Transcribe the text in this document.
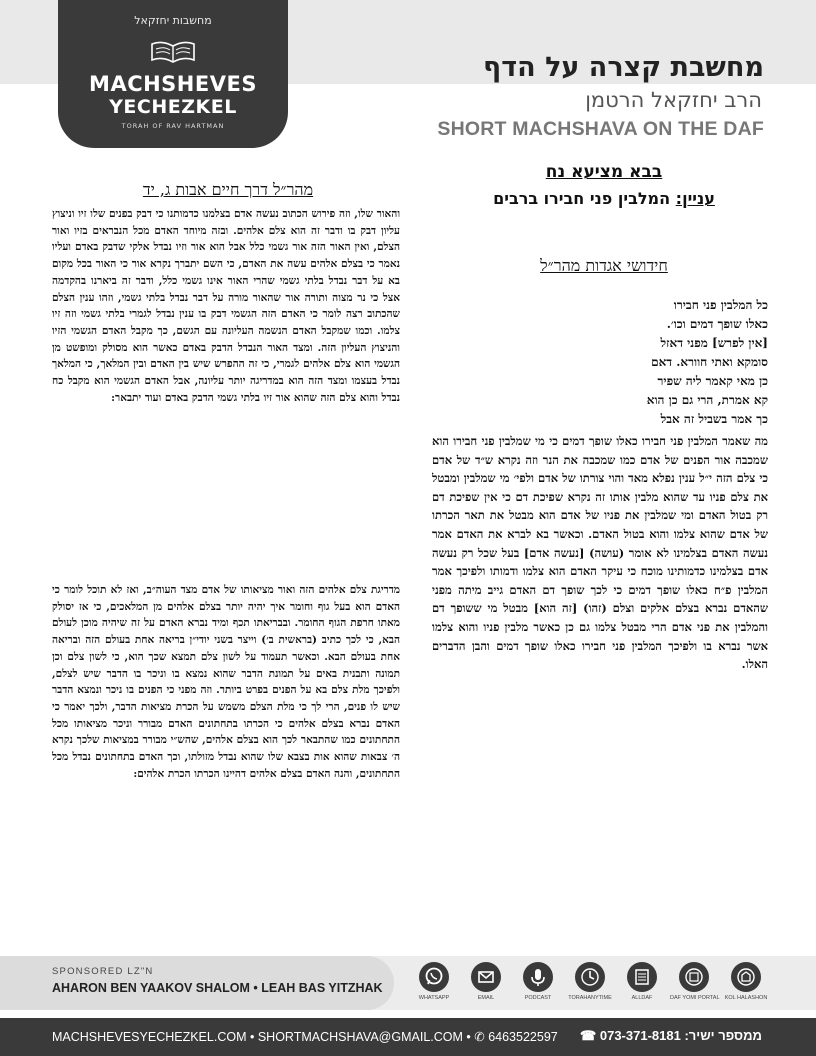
מחשבות יחזקאל
MACHSHEVES
YECHEZKEL
TORAH OF RAV HARTMAN
מחשבת קצרה על הדף
הרב יחזקאל הרטמן
SHORT MACHSHAVA ON THE DAF
בבא מציעא נח
עניין: המלבין פני חבירו ברבים
חידושי אגדות מהר״ל
מהר״ל דרך חיים אבות ג, יד
כל המלבין פני חבירו
כאלו שופך דמים וכו׳.
[אין לפרש] מפני דאזל
סומקא ואתי חוורא. דאם
כן מאי קאמר ליה שפיר
קא אמרת, הרי גם כן הוא
כך אמר בשביל זה אבל
מה שאמר המלבין פני חבירו כאלו שופך דמים כי מי שמלבין פני חבירו הוא שמכבה אור הפנים של אדם כמו שמכבה את הנר וזה נקרא ש״ד של אדם כי צלם הזה י״ל ענין נפלא מאד והוי צורתו של אדם ולפי׳ מי שמלבין ומבטל את צלם פניו עד שהוא מלבין אותו זה נקרא שפיכת דם כי אין שפיכת דם רק בטול האדם ומי שמלבין את פניו של אדם הוא מבטל את תאר הכרתו של אדם שהוא צלמו והוא בטול האדם. וכאשר בא לברא את האדם אמר נעשה האדם בצלמינו לא אומר (עושה) [נעשה אדם] בעל שכל רק נעשה אדם בצלמינו כדמותינו מוכח כי עיקר האדם הוא צלמו ודמותו ולפיכך אמר המלבין פ״ח כאלו שופך דמים כי לכך שופך דם האדם גייב מיתה מפני שהאדם נברא בצלם אלקים וצלם (זהו) [זה הוא] מבטל מי ששופך דם והמלבין את פני אדם הרי מבטל צלמו גם כן כאשר מלבין פניו והוא צלמו אשר נברא בו ולפיכך המלבין פני חבירו כאלו שופך דמים והבן הדברים האלו.
והאור שלו, וזה פירוש הכתוב נעשה אדם בצלמנו כדמותנו כי דבק בפנים שלו זיו וניצוץ עליון דבק בו ודבר זה הוא צלם אלהים. ובזה מיוחד האדם מכל הנבראים בזיו ואור הצלם, ואין האור הזה אור גשמי כלל אבל הוא אור וזיו נבדל אלקי שדבק באדם ועליו נאמר כי בצלם אלהים עשה את האדם, כי השם יתברך נקרא אור כי האור בכל מקום בא על דבר נבדל בלתי גשמי שהרי האור אינו גשמי כלל, ודבר זה ביארנו בהקדמה אצל כי נר מצוה ותורה אור שהאור מורה על דבר נבדל בלתי גשמי, וזהו ענין הצלם שהכתוב רצה לומר כי האדם הזה הגשמי דבק בו ענין נבדל לגמרי בלתי גשמי וזה זיו צלמו. וכמו שמקבל האדם הנשמה העליונה עם הגשם, כך מקבל האדם הגשמי הזיו והניצוץ העליון הזה. ומצד האור הנבדל הדבק באדם כאשר הוא מסולק ומופשט מן הגשמי הוא צלם אלהים לגמרי, כי זה ההפרש שיש בין האדם ובין המלאך, כי המלאך נבדל בעצמו ומצד הזה הוא במדריגה יותר עליונה, אבל האדם הגשמי הוא מקבל כח נבדל והוא צלם הזה שהוא אור זיו בלתי גשמי הדבק באדם ועוד יתבאר:
מדריגת צלם אלהים הזה ואור מציאותו של אדם מצד העוה״ב, ואז לא תוכל לומר כי האדם הוא בעל גוף וחומר איך יהיה יותר בצלם אלהים מן המלאכים, כי אז יסולק מאתו חרפת הגוף החומר. ובבריאתו תכף ומיד נברא האדם על זה שיהיה מוכן לעולם הבא, כי לכך כתיב (בראשית ב׳) וייצר בשני יודי״ן בריאה אחת בעולם הזה ובריאה אחת בעולם הבא. וכאשר תעמוד על לשון צלם תמצא שכך הוא, כי לשון צלם וכן תמונה ותבנית באים על תמונת הדבר שהוא נמצא בו וניכר בו הדבר שיש לצלם, ולפיכך מלת צלם בא על הפנים בפרט ביותר. וזה מפני כי הפנים בו ניכר ונמצא הדבר שיש לו פנים, הרי לך כי מלת הצלם משמש על הכרת מציאות הדבר, ולכך יאמר כי האדם נברא בצלם אלהים כי הכרתו בתחתונים האדם מבורר וניכר מציאותו מכל התחתונים כמו שהתבאר לכך הוא בצלם אלהים, שהש״י מבורר במציאות שלכך נקרא ה׳ צבאות שהוא אות בצבא שלו שהוא נבדל מזולתו, וכך האדם בתחתונים נבדל מכל התחתונים, והנה האדם בצלם אלהים דהיינו הכרתו הכרת אלהים:
SPONSORED LZ"N
AHARON BEN YAAKOV SHALOM • LEAH BAS YITZHAK
WHATSAPP	EMAIL	PODCAST	TORAHANYTIME	ALLDAF	DAF YOMI PORTAL KOL HALASHON
MACHSHEVESYECHEZKEL.COM • SHORTMACHSHAVA@GMAIL.COM • ✆ 6463522597	ממספר ישיר: 073-371-8181 ☎
